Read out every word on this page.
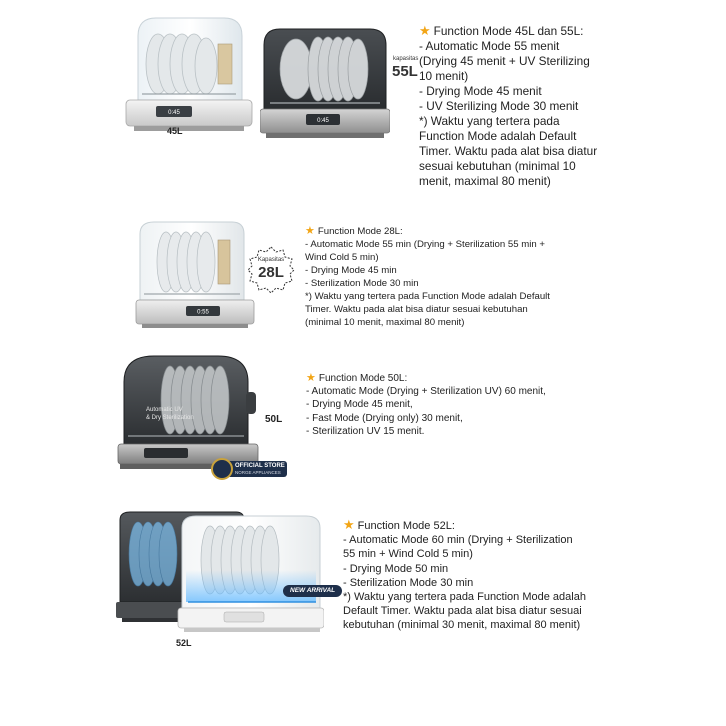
0:45
45L
0:45
kapasitas
55L
★ Function Mode 45L dan 55L:
- Automatic Mode 55 menit
(Drying 45 menit + UV Sterilizing
10 menit)
- Drying Mode 45 menit
- UV Sterilizing Mode 30 menit
*) Waktu yang tertera pada
Function Mode adalah Default
Timer. Waktu pada alat bisa diatur
sesuai kebutuhan (minimal 10
menit, maximal 80 menit)
0:55
Kapasitas
28L
★ Function Mode 28L:
- Automatic Mode 55 min (Drying + Sterilization 55 min +
Wind Cold 5 min)
- Drying Mode 45 min
- Sterilization Mode 30 min
*) Waktu yang tertera pada Function Mode adalah Default
Timer. Waktu pada alat bisa diatur sesuai kebutuhan
(minimal 10 menit, maximal 80 menit)
Automatic UV
& Dry Sterilization	50L
OFFICIAL STORE
NORGE APPLIANCES
★ Function Mode 50L:
- Automatic Mode (Drying + Sterilization UV) 60 menit,
- Drying Mode 45 menit,
- Fast Mode (Drying only) 30 menit,
- Sterilization UV 15 menit.
NEW ARRIVAL
52L
★ Function Mode 52L:
- Automatic Mode 60 min (Drying + Sterilization
55 min + Wind Cold 5 min)
- Drying Mode 50 min
- Sterilization Mode 30 min
*) Waktu yang tertera pada Function Mode adalah
Default Timer. Waktu pada alat bisa diatur sesuai
kebutuhan (minimal 30 menit, maximal 80 menit)
